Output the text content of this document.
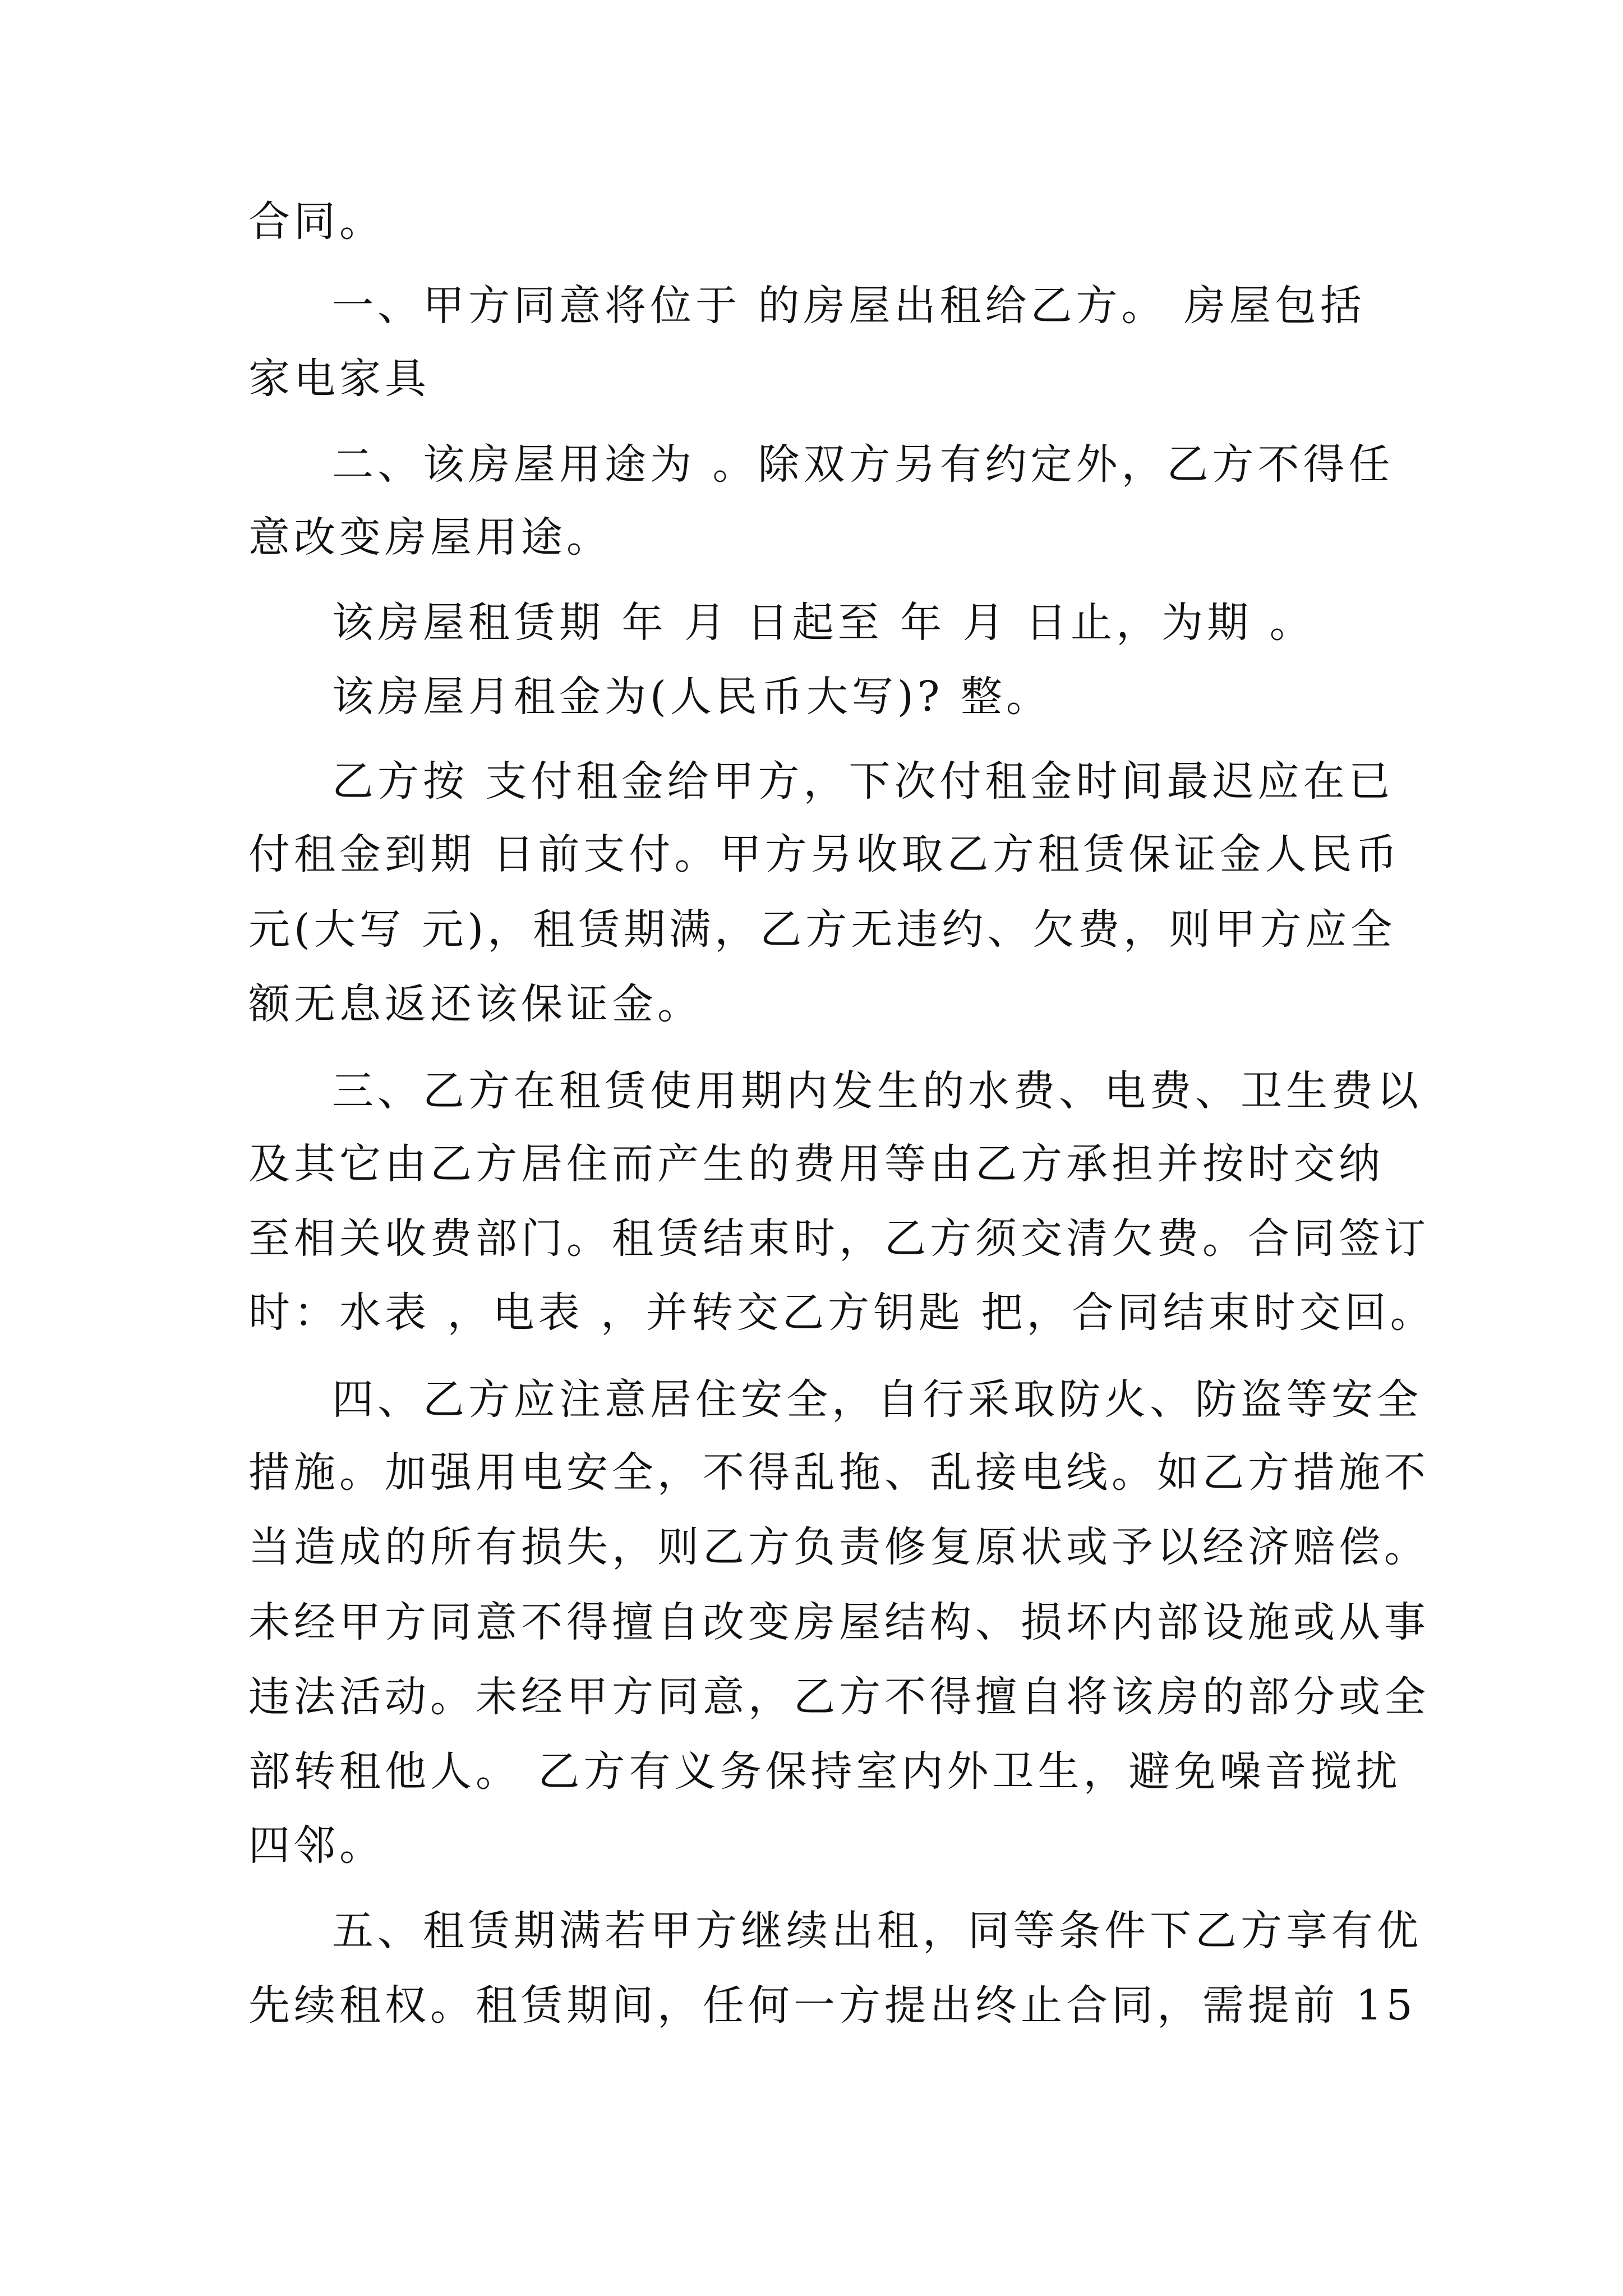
合同。

一、甲方同意将位于 的房屋出租给乙方。 房屋包括

家电家具

二、该房屋用途为 。除双方另有约定外，乙方不得任

意改变房屋用途。

该房屋租赁期 年 月 日起至 年 月 日止，为期 。

该房屋月租金为(人民币大写)? 整。

乙方按 支付租金给甲方，下次付租金时间最迟应在已

付租金到期 日前支付。甲方另收取乙方租赁保证金人民币

元(大写 元)，租赁期满，乙方无违约、欠费，则甲方应全

额无息返还该保证金。

三、乙方在租赁使用期内发生的水费、电费、卫生费以

及其它由乙方居住而产生的费用等由乙方承担并按时交纳

至相关收费部门。租赁结束时，乙方须交清欠费。合同签订

时：水表 ，电表 ，并转交乙方钥匙 把，合同结束时交回。

四、乙方应注意居住安全，自行采取防火、防盗等安全

措施。加强用电安全，不得乱拖、乱接电线。如乙方措施不

当造成的所有损失，则乙方负责修复原状或予以经济赔偿。

未经甲方同意不得擅自改变房屋结构、损坏内部设施或从事

违法活动。未经甲方同意，乙方不得擅自将该房的部分或全

部转租他人。 乙方有义务保持室内外卫生，避免噪音搅扰

四邻。

五、租赁期满若甲方继续出租，同等条件下乙方享有优

先续租权。租赁期间，任何一方提出终止合同，需提前 15
